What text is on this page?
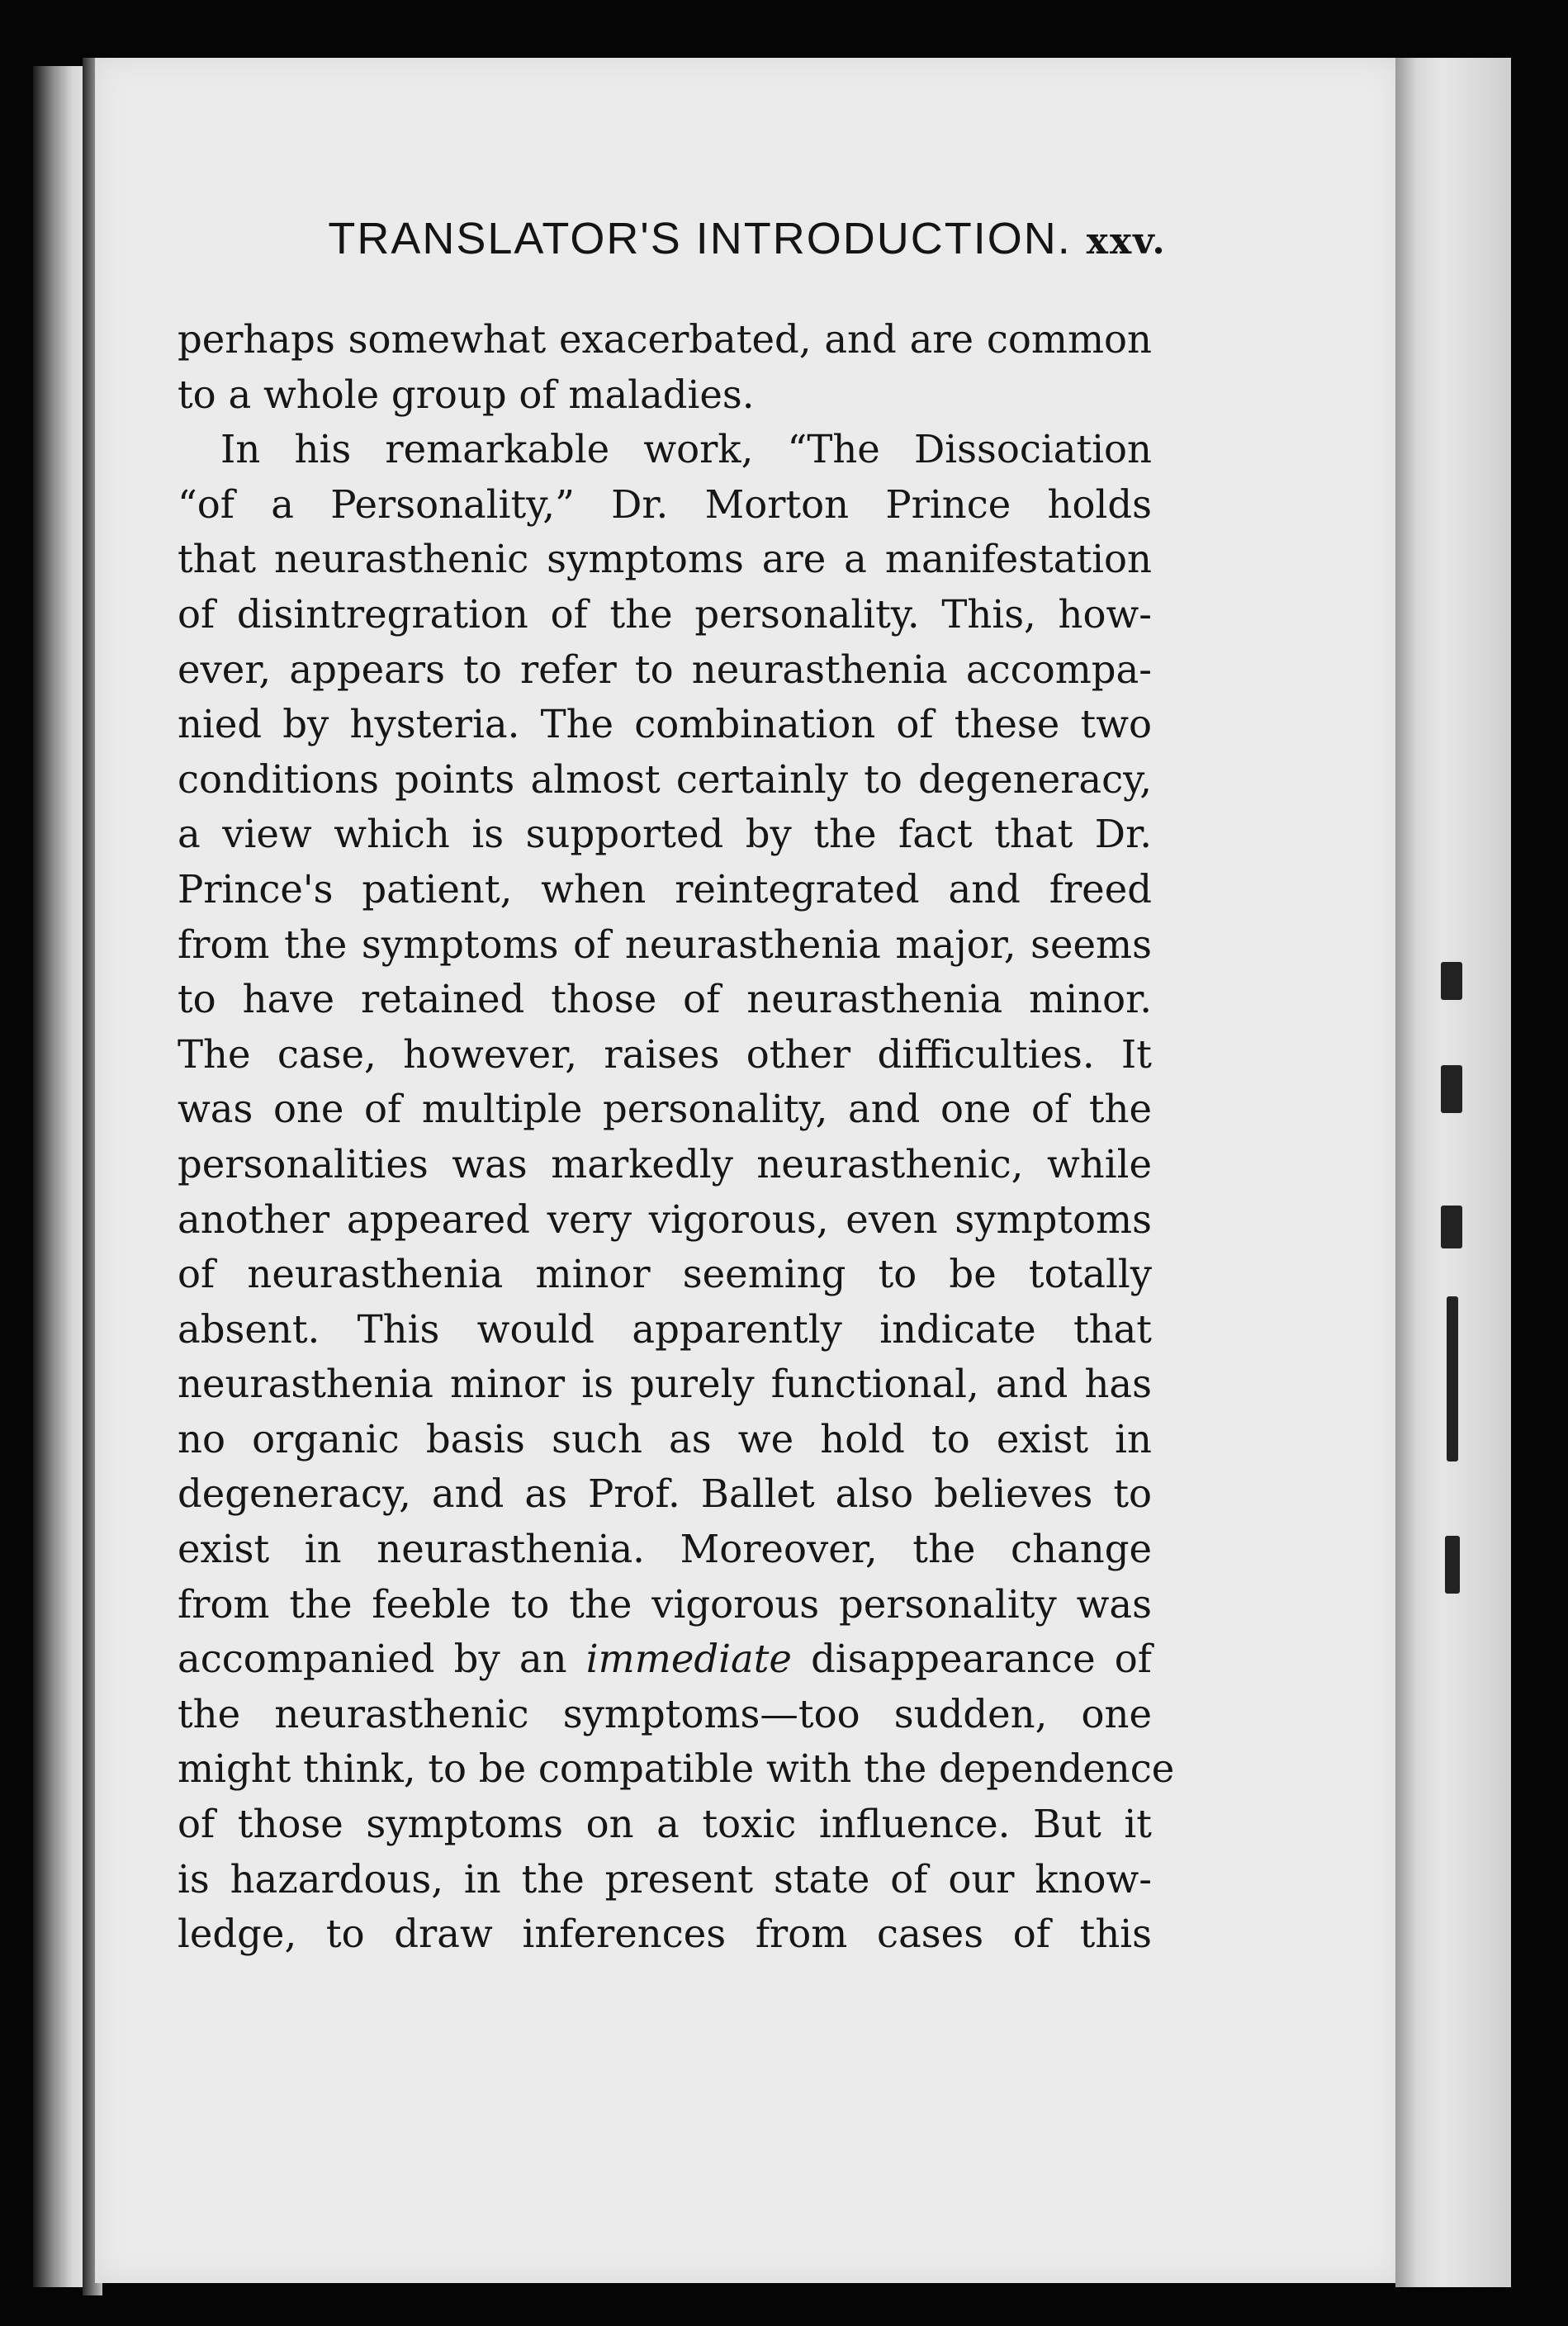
TRANSLATOR'S INTRODUCTION. xxv.
perhaps somewhat exacerbated, and are common
to a whole group of maladies.
In his remarkable work, “The Dissociation
“of a Personality,” Dr. Morton Prince holds
that neurasthenic symptoms are a manifestation
of disintregration of the personality. This, how-
ever, appears to refer to neurasthenia accompa-
nied by hysteria. The combination of these two
conditions points almost certainly to degeneracy,
a view which is supported by the fact that Dr.
Prince's patient, when reintegrated and freed
from the symptoms of neurasthenia major, seems
to have retained those of neurasthenia minor.
The case, however, raises other difficulties. It
was one of multiple personality, and one of the
personalities was markedly neurasthenic, while
another appeared very vigorous, even symptoms
of neurasthenia minor seeming to be totally
absent. This would apparently indicate that
neurasthenia minor is purely functional, and has
no organic basis such as we hold to exist in
degeneracy, and as Prof. Ballet also believes to
exist in neurasthenia. Moreover, the change
from the feeble to the vigorous personality was
accompanied by an immediate disappearance of
the neurasthenic symptoms—too sudden, one
might think, to be compatible with the dependence
of those symptoms on a toxic influence. But it
is hazardous, in the present state of our know-
ledge, to draw inferences from cases of this
